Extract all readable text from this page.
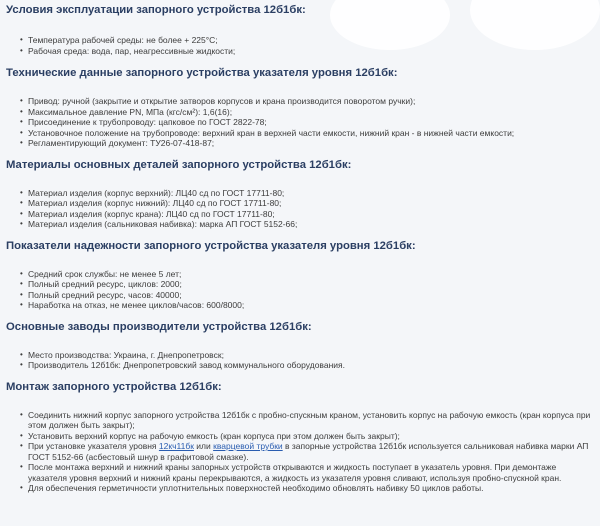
Условия эксплуатации запорного устройства 12б1бк:
• Температура рабочей среды: не более + 225°C;
• Рабочая среда: вода, пар, неагрессивные жидкости;
Технические данные запорного устройства указателя уровня 12б1бк:
• Привод: ручной (закрытие и открытие затворов корпусов и крана производится поворотом ручки);
• Максимальное давление PN, МПа (кгс/см²): 1,6(16);
• Присоединение к трубопроводу: цапковое по ГОСТ 2822-78;
• Установочное положение на трубопроводе: верхний кран в верхней части емкости, нижний кран - в нижней части емкости;
• Регламентирующий документ: ТУ26-07-418-87;
Материалы основных деталей запорного устройства 12б1бк:
• Материал изделия (корпус верхний): ЛЦ40 сд по ГОСТ 17711-80;
• Материал изделия (корпус нижний): ЛЦ40 сд по ГОСТ 17711-80;
• Материал изделия (корпус крана): ЛЦ40 сд по ГОСТ 17711-80;
• Материал изделия (сальниковая набивка): марка АП ГОСТ 5152-66;
Показатели надежности запорного устройства указателя уровня 12б1бк:
• Средний срок службы: не менее 5 лет;
• Полный средний ресурс, циклов: 2000;
• Полный средний ресурс, часов: 40000;
• Наработка на отказ, не менее циклов/часов: 600/8000;
Основные заводы производители устройства 12б1бк:
• Место производства: Украина, г. Днепропетровск;
• Производитель 12б1бк: Днепропетровский завод коммунального оборудования.
Монтаж запорного устройства 12б1бк:
• Соединить нижний корпус запорного устройства 12б1бк с пробно-спускным краном, установить корпус на рабочую емкость (кран корпуса при этом должен быть закрыт);
• Установить верхний корпус на рабочую емкость (кран корпуса при этом должен быть закрыт);
• При установке указателя уровня 12кч11бк или кварцевой трубки в запорные устройства 12б1бк используется сальниковая набивка марки АП ГОСТ 5152-66 (асбестовый шнур в графитовой смазке).
• После монтажа верхний и нижний краны запорных устройств открываются и жидкость поступает в указатель уровня. При демонтаже указателя уровня верхний и нижний краны перекрываются, а жидкость из указателя уровня сливают, используя пробно-спускной кран.
• Для обеспечения герметичности уплотнительных поверхностей необходимо обновлять набивку 50 циклов работы.
